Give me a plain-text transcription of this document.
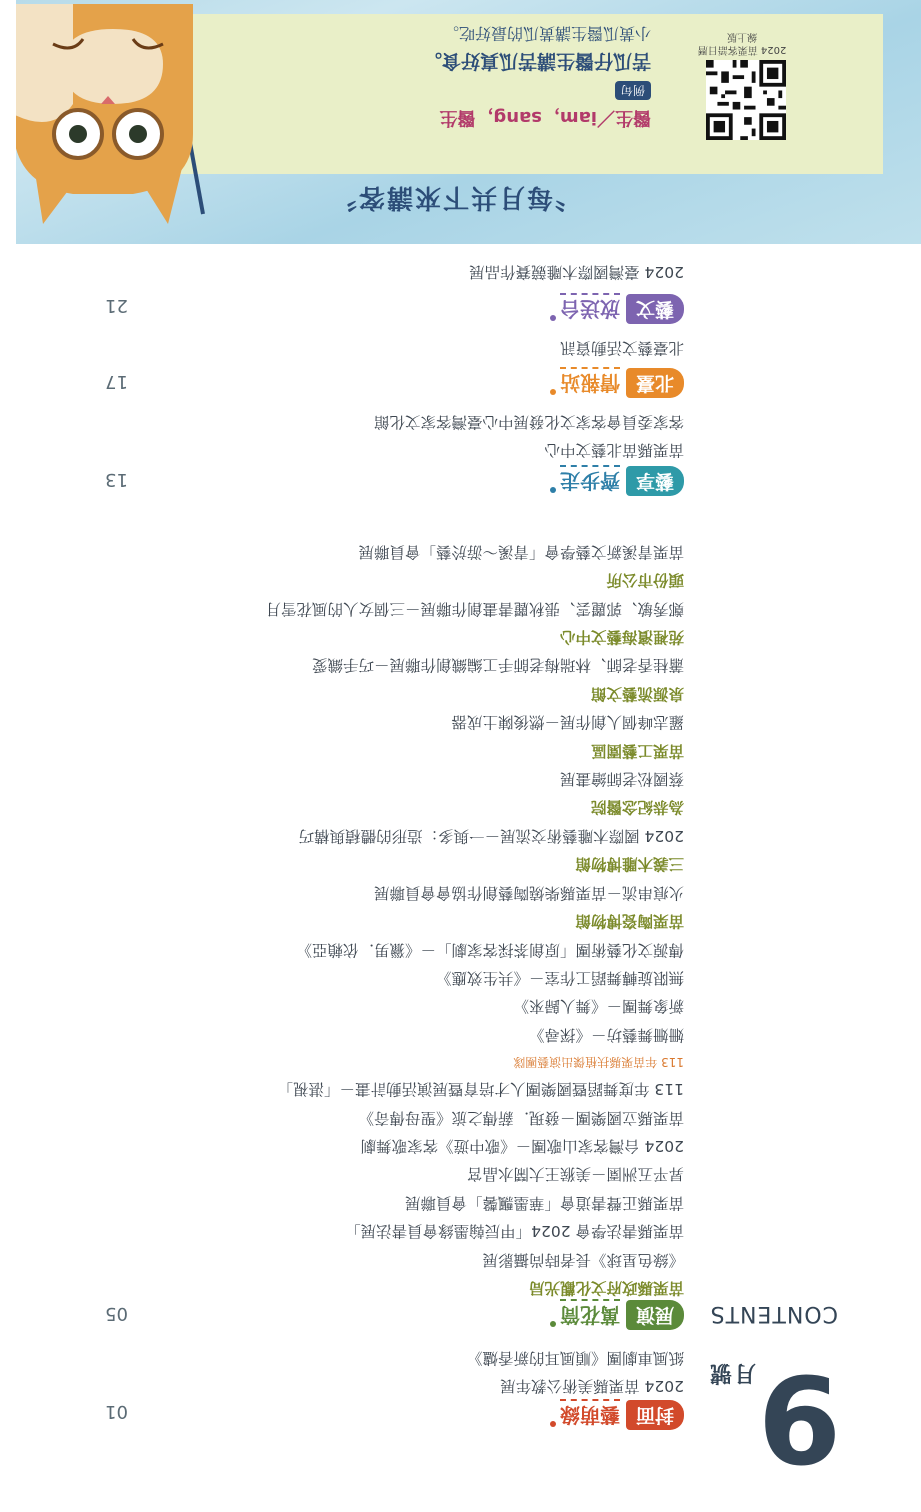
9
月號
CONTENTS
封面
藝萌綠
01
2024 苗栗縣美術公教年展
紙風車劇團《順風耳的新香爐》
展演
萬花筒
05
苗栗縣政府文化觀光局
《綠色星球》長者時尚攝影展
苗栗縣書法學會 2024「甲辰翰墨緣會員書法展」
苗栗縣正聲書道會「華墨飄馨」會員聯展
昇平五洲園－美猴王大鬧水晶宮
2024 台灣客家山歌團－《歌中遊》客家歌舞劇
苗栗縣立國樂團－發現．薪傳之旅《聖母傳奇》
113 年度舞蹈暨國樂團人才培育暨展演活動計畫－「湛視」
113 年苗栗縣扶植傑出演藝團隊
姍姍舞藝坊－《探尋》
新象舞團－《舞人歸來》
無限旋轉舞蹈工作室－《共生效應》
傳源文化藝術團「原創茶採客家劇」－《獵男．依賴亞》
苗栗陶瓷博物館
火痕串流－苗栗縣柴燒陶藝創作協會會員聯展
三義木雕博物館
2024 國際木雕藝術交流展－一與多：造形的體積與構巧
為恭紀念醫院
蔡國松老師繪畫展
苗栗工藝園區
羅志峰個人創作展－燃後陳土成器
泉源流藝文館
蕭桂香老師、林瑞梅老師手工編織創作聯展－巧手織愛
苑裡濱海藝文中心
鄭秀敏、郭麗雲、張秋麗書畫創作聯展－三個女人的風花雪月
頭份市公所
苗栗青溪新文藝學會「青溪～游於藝」會員聯展
藝享
齊步走
13
苗栗縣苗北藝文中心
客家委員會客家文化發展中心臺灣客家文化館
北臺
情報站
17
北臺藝文活動資訊
藝文
放送台
21
2024 臺灣國際木雕競賽作品展
〝每月共下來講客〞
2024 苗栗客語日曆
線上版
醫生／iam，sang，醫生
例句
苦瓜仔醫生講苦瓜真好食。
小黃瓜醫生講黃瓜的最好吃。
